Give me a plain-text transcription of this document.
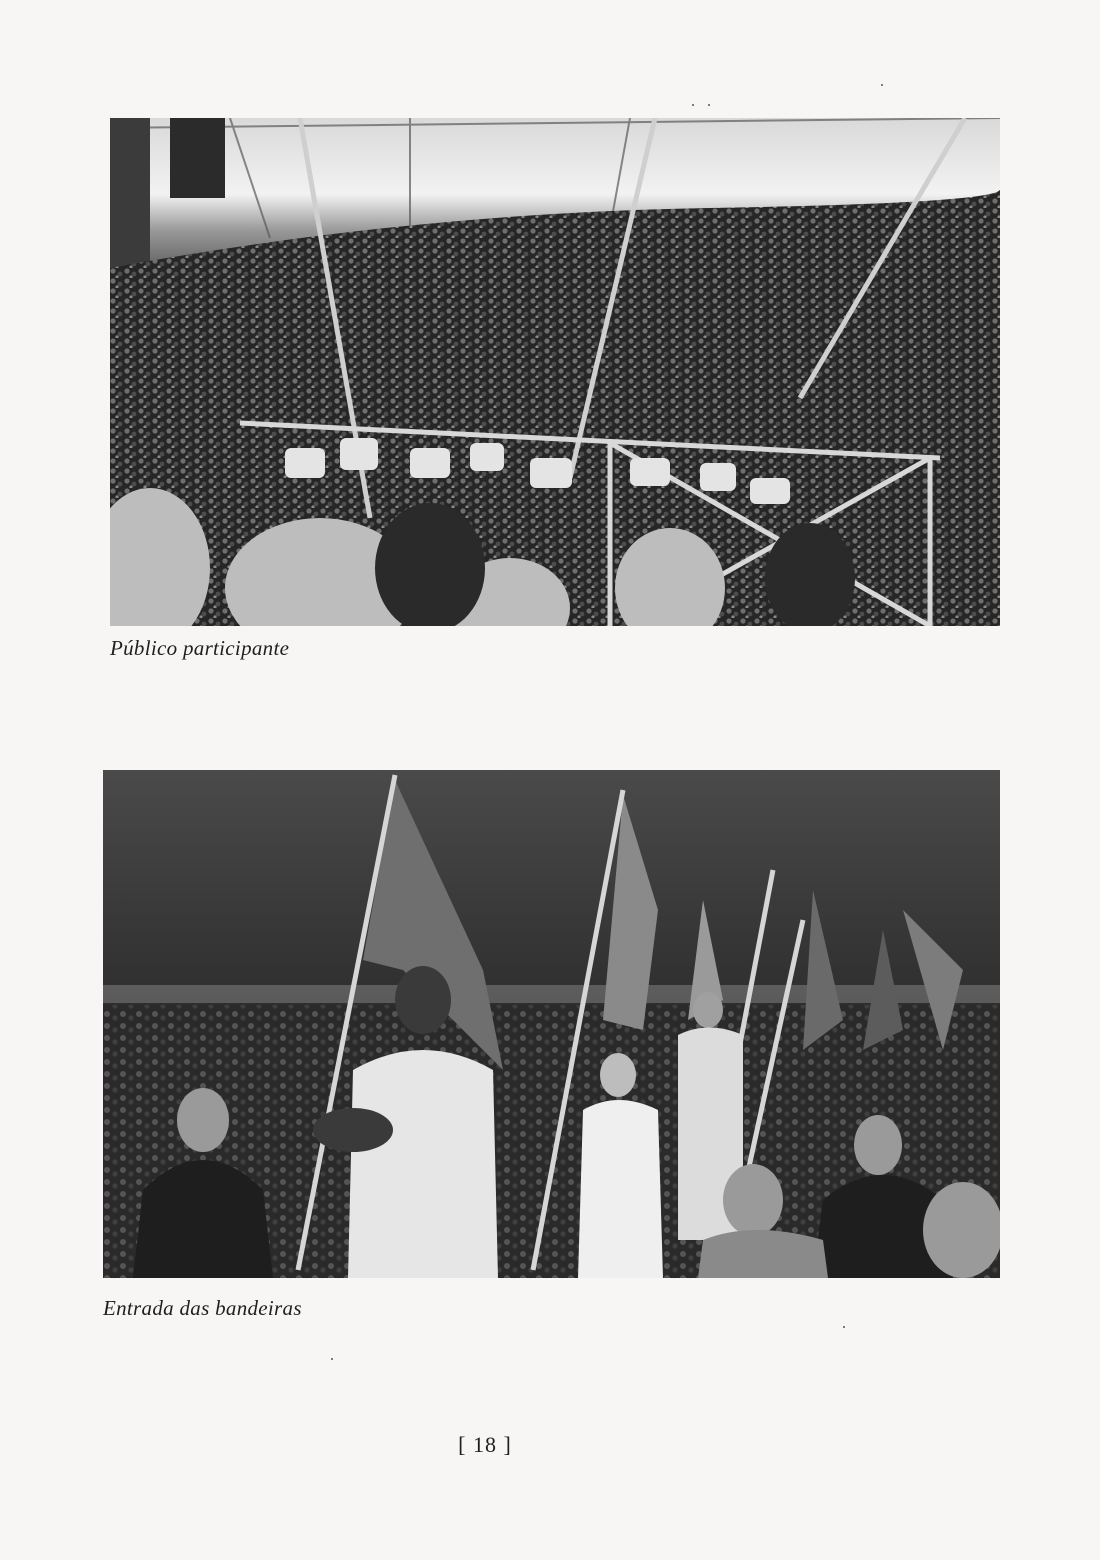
Público participante
Entrada das bandeiras
[ 18 ]
